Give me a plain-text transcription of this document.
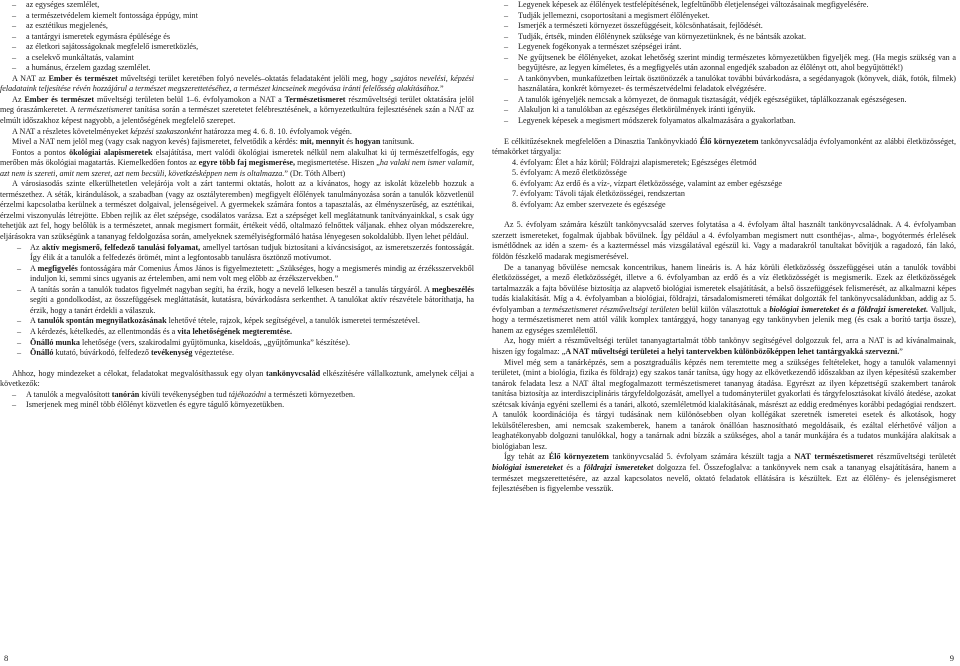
– az egységes szemlélet,
– a természetvédelem kiemelt fontossága éppúgy, mint
– az esztétikus megjelenés,
– a tantárgyi ismeretek egymásra épülésége és
– az életkori sajátosságoknak megfelelő ismeretközlés,
– a cselekvő munkáltatás, valamint
– a humánus, érzelem gazdag szemlélet.

A NAT az Ember és természet műveltségi terület keretében folyó nevelés–oktatás feladataként jelöli meg, hogy „sajátos nevelési, képzési feladataink teljesítése révén hozzájárul a természet megszerettetéséhez, a természet kincseinek megóvása iránti felelősség alakításához.”

Az Ember és természet műveltségi területen belül 1–6. évfolyamokon a NAT a Természetismeret részműveltségi terület oktatására jelöl meg óraszámkeretet. A természetismeret tanítása során a természet szeretetet felébresztésének, a környezetkultúra fejlesztésének szán a NAT az elmúlt időszakhoz képest nagyobb, a jelentőségének megfelelő szerepet.

A NAT a részletes követelményeket képzési szakaszonként határozza meg 4. 6. 8. 10. évfolyamok végén.

Mivel a NAT nem jelöl meg (vagy csak nagyon kevés) fajismeretet, felvetődik a kérdés: mit, mennyit és hogyan tanítsunk.

Fontos a pontos ökológiai alapismeretek elsajátítása, mert valódi ökológiai ismeretek nélkül nem alakulhat ki új természetfelfogás, egy merőben más ökológiai magatartás. Kiemelkedően fontos az egyre több faj megismerése, megismertetése. Hiszen „ha valaki nem ismer valamit, azt nem is szereti, amit nem szeret, azt nem becsüli, követkzésképpen nem is oltalmazza.” (Dr. Tóth Albert)

A városiasodás szinte elkerülhetetlen velejárója volt a zárt tantermi oktatás, holott az a kívánatos, hogy az iskolát közelebb hozzuk a természethez. A séták, kirándulások, a szabadban (vagy az osztályteremben) megfigyelt élőlények tanulmányozása során a tanulók közvetlenül érzelmi kapcsolatba kerülnek a természet dolgaival, jelenségeivel. A gyermekek számára fontos a tapasztalás, az élményszerűség, az esztétikai, érzelmi viszonyulás létrejötte. Ebben rejlik az élet szépsége, csodálatos varázsa. Ezt a szépséget kell meglátatnunk tanítványainkkal, s csak úgy tehetjük azt fel, hogy belőlük is a természetet, annak megismert formáit, értékeit védő, oltalmazó felnőttek váljanak. ehhez olyan módszerekre, eljárásokra van szükségünk a tananyag feldolgozása során, amelyeknek személyiségformáló hatása lényegesen sokoldalúbb. Ilyen lehet például.

– Az aktív megismerő, felfedező tanulási folyamat, amellyel tartósan tudjuk biztosítani a kíváncsiságot, az ismeretszerzés fontosságát. Így élik át a tanulók a felfedezés örömét, mint a legfontosabb tanulásra ösztönző motívumot.
– A megfigyelés fontosságára már Comenius Ámos János is figyelmeztetett: „Szükséges, hogy a megismerés mindig az érzéksszervekből induljon ki, semmi sincs ugyanis az értelemben, ami nem volt meg előbb az érzékszervekben.”
– A tanítás során a tanulók tudatos figyelmét nagyban segíti, ha érzik, hogy a nevelő lelkesen beszél a tanulás tárgyáról. A megbeszélés segíti a gondolkodást, az összefüggések megláttatását, kutatásra, búvárkodásra serkenthet. A tanulókat aktív részvétele bátoríthatja, ha érzik, hogy a tanárt érdekli a válaszuk.
– A tanulók spontán megnyilatkozásának lehetővé tétele, rajzok, képek segítségével, a tanulók ismeretei természetével.
– A kérdezés, kételkedés, az ellentmondás és a vita lehetőségének megteremtése.
– Önálló munka lehetősége (vers, szakirodalmi gyűjtömunka, kiseldoás, „gyűjtőmunka” készítése).
– Önálló kutató, búvárkodó, felfedező tevékenység végeztetése.

Ahhoz, hogy mindezeket a célokat, feladatokat megvalósíthassuk egy olyan tankönyvcsalád elkészítésére vállalkoztunk, amelynek céljai a következők:

– A tanulók a megvalósított tanórán kívüli tevékenységben tud tájékozódni a természeti környezetben.
– Ismerjenek meg minél több élőlényt közvetlen és egyre tágulő környezetükben.
8
– Legyenek képesek az élőlények testfelépítésének, legfeltűnőbb életjelenségei változásainak megfigyelésére.
– Tudják jellemezni, csoportosítani a megismert élőlényeket.
– Ismerjék a természeti környezet összefüggéseit, kölcsönhatásait, fejlődését.
– Tudják, értsék, minden élőlénynek szüksége van környezetünknek, és ne bántsák azokat.
– Legyenek fogékonyak a természet szépségei iránt.
– Ne gyűjtsenek be élőlényeket, azokat lehetőség szerint mindig természetes környezetükben figyeljék meg. (Ha megis szükség van a begyűjtésre, az legyen kíméletes, és a megfigyelés után azonnal engedjék szabadon az élőlényt ott, ahol begyűjtötték!)
– A tankönyvben, munkafüzetben leírtak ösztönözzék a tanulókat további búvárkodásra, a segédanyagok (könyvek, diák, fotók, filmek) használatára, konkrét környezet- és természetvédelmi feladatok elvégzésére.
– A tanulók igényeljék nemcsak a környezet, de önmaguk tisztaságát, védjék egészségüket, táplálkozzanak egészségesen.
– Alakuljon ki a tanulókban az egészséges életkörülmények iránti igényük.
– Legyenek képesek a megismert módszerek folyamatos alkalmazására a gyakorlatban.

E célkitűzéseknek megfelelően a Dinasztia Tankönyvkiadó Élő környezetem tankönyvcsaládja évfolyamonként az alábbi életközösséget, témakörket tárgyalja:

4. évfolyam: Élet a ház körül; Földrajzi alapismeretek; Egészséges életmód
5. évfolyam: A mező életközössége
6. évfolyam: Az erdő és a víz-, vízpart életközössége, valamint az ember egészsége
7. évfolyam: Távoli tájak életközösségei, rendszertan
8. évfolyam: Az ember szervezete és egészsége

Az 5. évfolyam számára készült tankönyvcsalád szerves folytatása a 4. évfolyam által használt tankönyvcsaládnak. A 4. évfolyamban szerzett ismereteket, fogalmak újabbak bővülnek. Így például a 4. évfolyamban megismert nutt csonthéjas-, alma-, bogyótermés érlelések ismétlődnek az idén a szem- és a kazterméssel más vizsgálatával egészül ki. Vagy a madarakról tanultakat bővítjük a ragadozó, fán lakó, földön fészkelő madarak megismerésével.

De a tananyag bővülése nemcsak koncentrikus, hanem lineáris is. A ház körüli életközösség összefüggései után a tanulók további életközösséget, a mező életközösségét, illetve a 6. évfolyamban az erdő és a víz életközösségét is megismerik. Ezek az életközösségek tartalmazzák a fajta bővülése biztosítja az alapvető biológiai ismeretek elsajátítását, a belső összefüggések felismerését, az alkalmazni képes tudás kialakítását. Míg a 4. évfolyamban a biológiai, földrajzi, társadalomismereti témákat dolgozták fel tankönyvcsaládunkban, addig az 5. évfolyamban a természetismeret részműveltségi területen belül külön választottuk a biológiai ismereteket és a földrajzi ismereteket. Valljuk, hogy a természetismeret nem attól válik komplex tantárggyá, hogy tananyag egy tankönyvben jelenik meg (és csak a borító tartja össze), hanem az egységes szemlélettől.

Az, hogy miért a részműveltségi terület tananyagtartalmát több tankönyv segítségével dolgozzuk fel, arra a NAT is ad kívánalmainak, hiszen így fogalmaz: „A NAT műveltségi területei a helyi tantervekben különbözőképpen lehet tantárgyakká szervezni.”

Mivel még sem a tanárképzés, sem a posztgraduális képzés nem teremtette meg a szükséges feltételeket, hogy a tanulók valamennyi területet, (mint a biológia, fizika és földrajz) egy szakos tanár tanítsa, úgy hogy az elkövetkezendő időszakban az ilyen képesítésű szakember tanárok feladata lesz a NAT által megfogalmazott természetismeret tananyag átadása. Egyrészt az ilyen képzettségű szakembert tanárok tanítása biztosítja az interdiszciplináris tárgyfeldolgozását, amellyel a tudományterület gyakorlati és tárgyfelosztásokat kíváló átedése, azokat szétcsak kívánja egyéni szellemi és a tanári, alkotó, szemléletmód kialakításának, másrészt az eddig eredményes korábbi pedagógiai rendszert. A tanulók koordinációja és tárgyi tudásának nem különösebben olyan kollégákat szeretnék ismeretei esetek és alkotások, hogy lekülsőtéleresben, ami nemcsak szakemberek, hanem a tanárok önállóan hasznosítható megoldásaik, és ezáltal elérhetővé váljon a leaghatékonyabb dolgozni tanulókkal, hogy a tanárnak adni bízzák a szükséges, ahol a tanár munkájára és a tudatos munkájára alakítsak a biológiaban lesz.

Így tehát az Élő környezetem tankönyvcsalád 5. évfolyam számára készült tagja a NAT természetismeret részműveltségi területét biológiai ismereteket és a földrajzi ismereteket dolgozza fel. Összefoglalva: a tankönyvek nem csak a tananyag elsajátítására, hanem a természet megszerettetésére, az azzal kapcsolatos nevelő, oktató feladatok ellátására is készültek. Ezt az élőlény- és jelenségismeret fejlesztésében is figyelembe vesszük.

9
